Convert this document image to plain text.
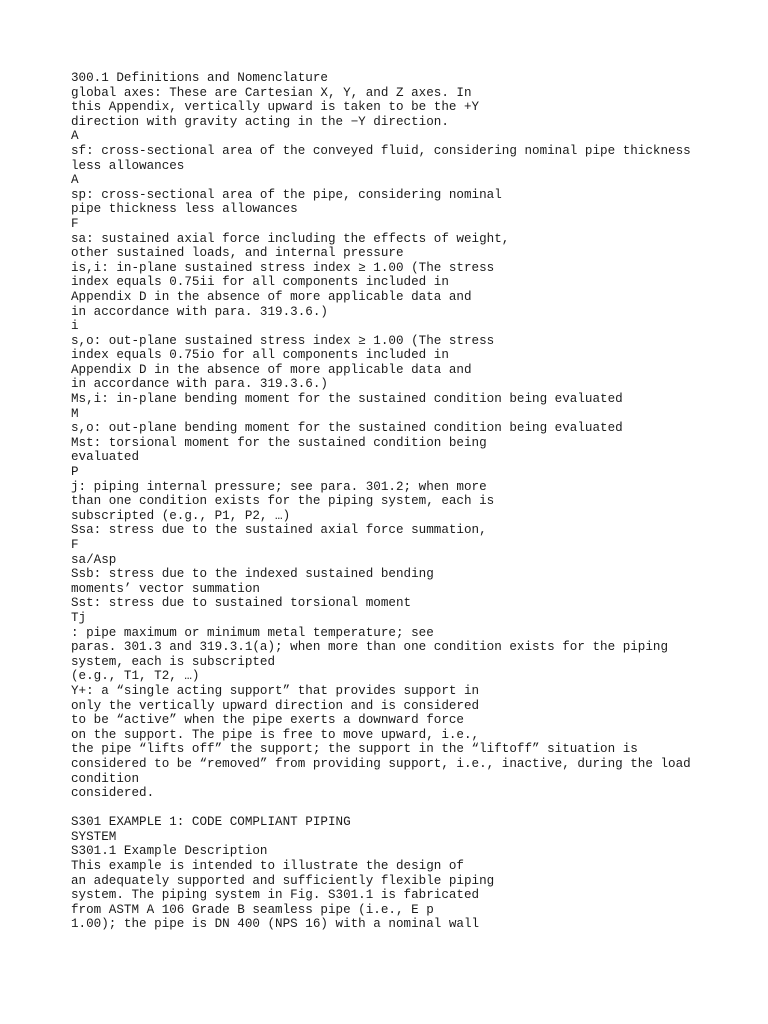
300.1 Definitions and Nomenclature
global axes: These are Cartesian X, Y, and Z axes. In
this Appendix, vertically upward is taken to be the +Y
direction with gravity acting in the −Y direction.
A
sf: cross-sectional area of the conveyed fluid, considering nominal pipe thickness
less allowances
A
sp: cross-sectional area of the pipe, considering nominal
pipe thickness less allowances
F
sa: sustained axial force including the effects of weight,
other sustained loads, and internal pressure
is,i: in-plane sustained stress index ≥ 1.00 (The stress
index equals 0.75ii for all components included in
Appendix D in the absence of more applicable data and
in accordance with para. 319.3.6.)
i
s,o: out-plane sustained stress index ≥ 1.00 (The stress
index equals 0.75io for all components included in
Appendix D in the absence of more applicable data and
in accordance with para. 319.3.6.)
Ms,i: in-plane bending moment for the sustained condition being evaluated
M
s,o: out-plane bending moment for the sustained condition being evaluated
Mst: torsional moment for the sustained condition being
evaluated
P
j: piping internal pressure; see para. 301.2; when more
than one condition exists for the piping system, each is
subscripted (e.g., P1, P2, …)
Ssa: stress due to the sustained axial force summation,
F
sa/Asp
Ssb: stress due to the indexed sustained bending
moments’ vector summation
Sst: stress due to sustained torsional moment
Tj
: pipe maximum or minimum metal temperature; see
paras. 301.3 and 319.3.1(a); when more than one condition exists for the piping
system, each is subscripted
(e.g., T1, T2, …)
Y+: a “single acting support” that provides support in
only the vertically upward direction and is considered
to be “active” when the pipe exerts a downward force
on the support. The pipe is free to move upward, i.e.,
the pipe “lifts off” the support; the support in the “liftoff” situation is
considered to be “removed” from providing support, i.e., inactive, during the load
condition
considered.
S301 EXAMPLE 1: CODE COMPLIANT PIPING
SYSTEM
S301.1 Example Description
This example is intended to illustrate the design of
an adequately supported and sufficiently flexible piping
system. The piping system in Fig. S301.1 is fabricated
from ASTM A 106 Grade B seamless pipe (i.e., E p
1.00); the pipe is DN 400 (NPS 16) with a nominal wall
